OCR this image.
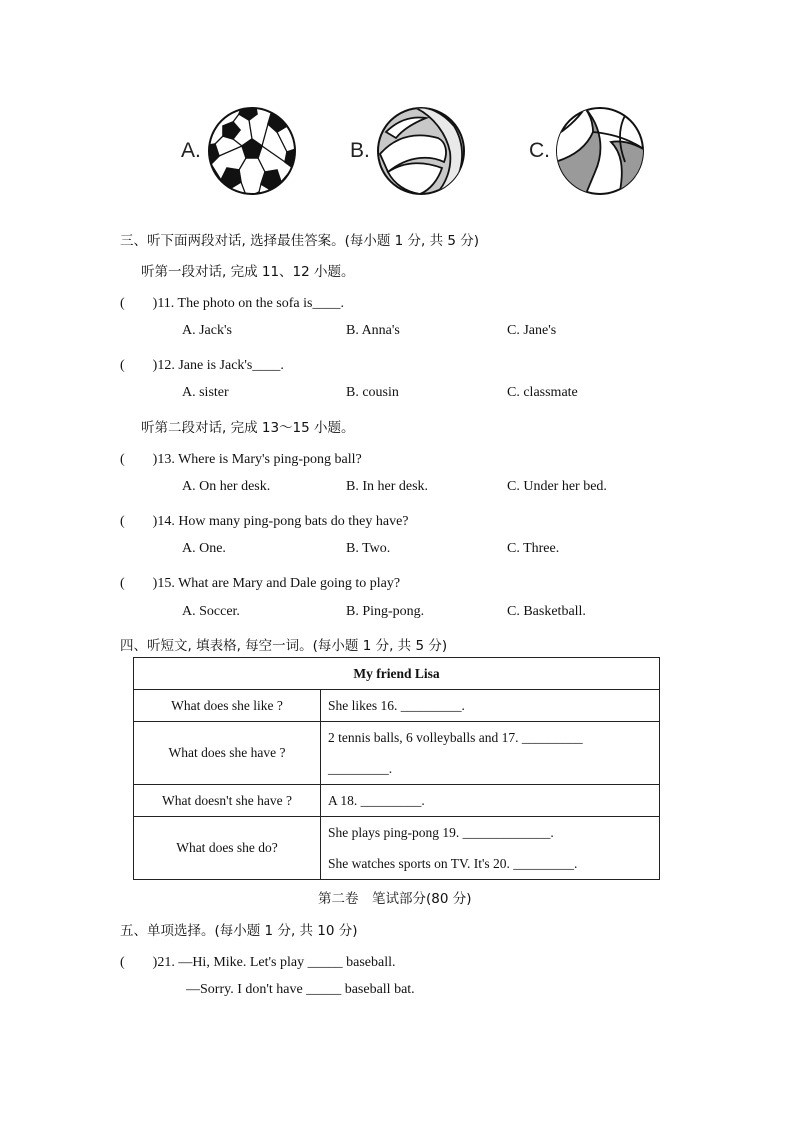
A.	B.	C.
三、听下面两段对话, 选择最佳答案。(每小题 1 分, 共 5 分)
听第一段对话, 完成 11、12 小题。
(　　)11. The photo on the sofa is____.
A. Jack's	B. Anna's	C. Jane's
(　　)12. Jane is Jack's____.
A. sister	B. cousin	C. classmate
听第二段对话, 完成 13～15 小题。
(　　)13. Where is Mary's ping-pong ball?
A. On her desk.	B. In her desk.	C. Under her bed.
(　　)14. How many ping-pong bats do they have?
A. One.	B. Two.	C. Three.
(　　)15. What are Mary and Dale going to play?
A. Soccer.	B. Ping-pong.	C. Basketball.
四、听短文, 填表格, 每空一词。(每小题 1 分, 共 5 分)
My friend Lisa	
What does she like ?	She likes 16. _________.
What does she have ?	2 tennis balls, 6 volleyballs and 17. _________
_________.

What doesn't she have ?	A 18. _________.
What does she do?	She plays ping-pong 19. _____________.
She watches sports on TV. It's 20. _________.
第二卷　笔试部分(80 分)
五、单项选择。(每小题 1 分, 共 10 分)
(　　)21. —Hi, Mike. Let's play _____ baseball.
—Sorry. I don't have _____ baseball bat.
